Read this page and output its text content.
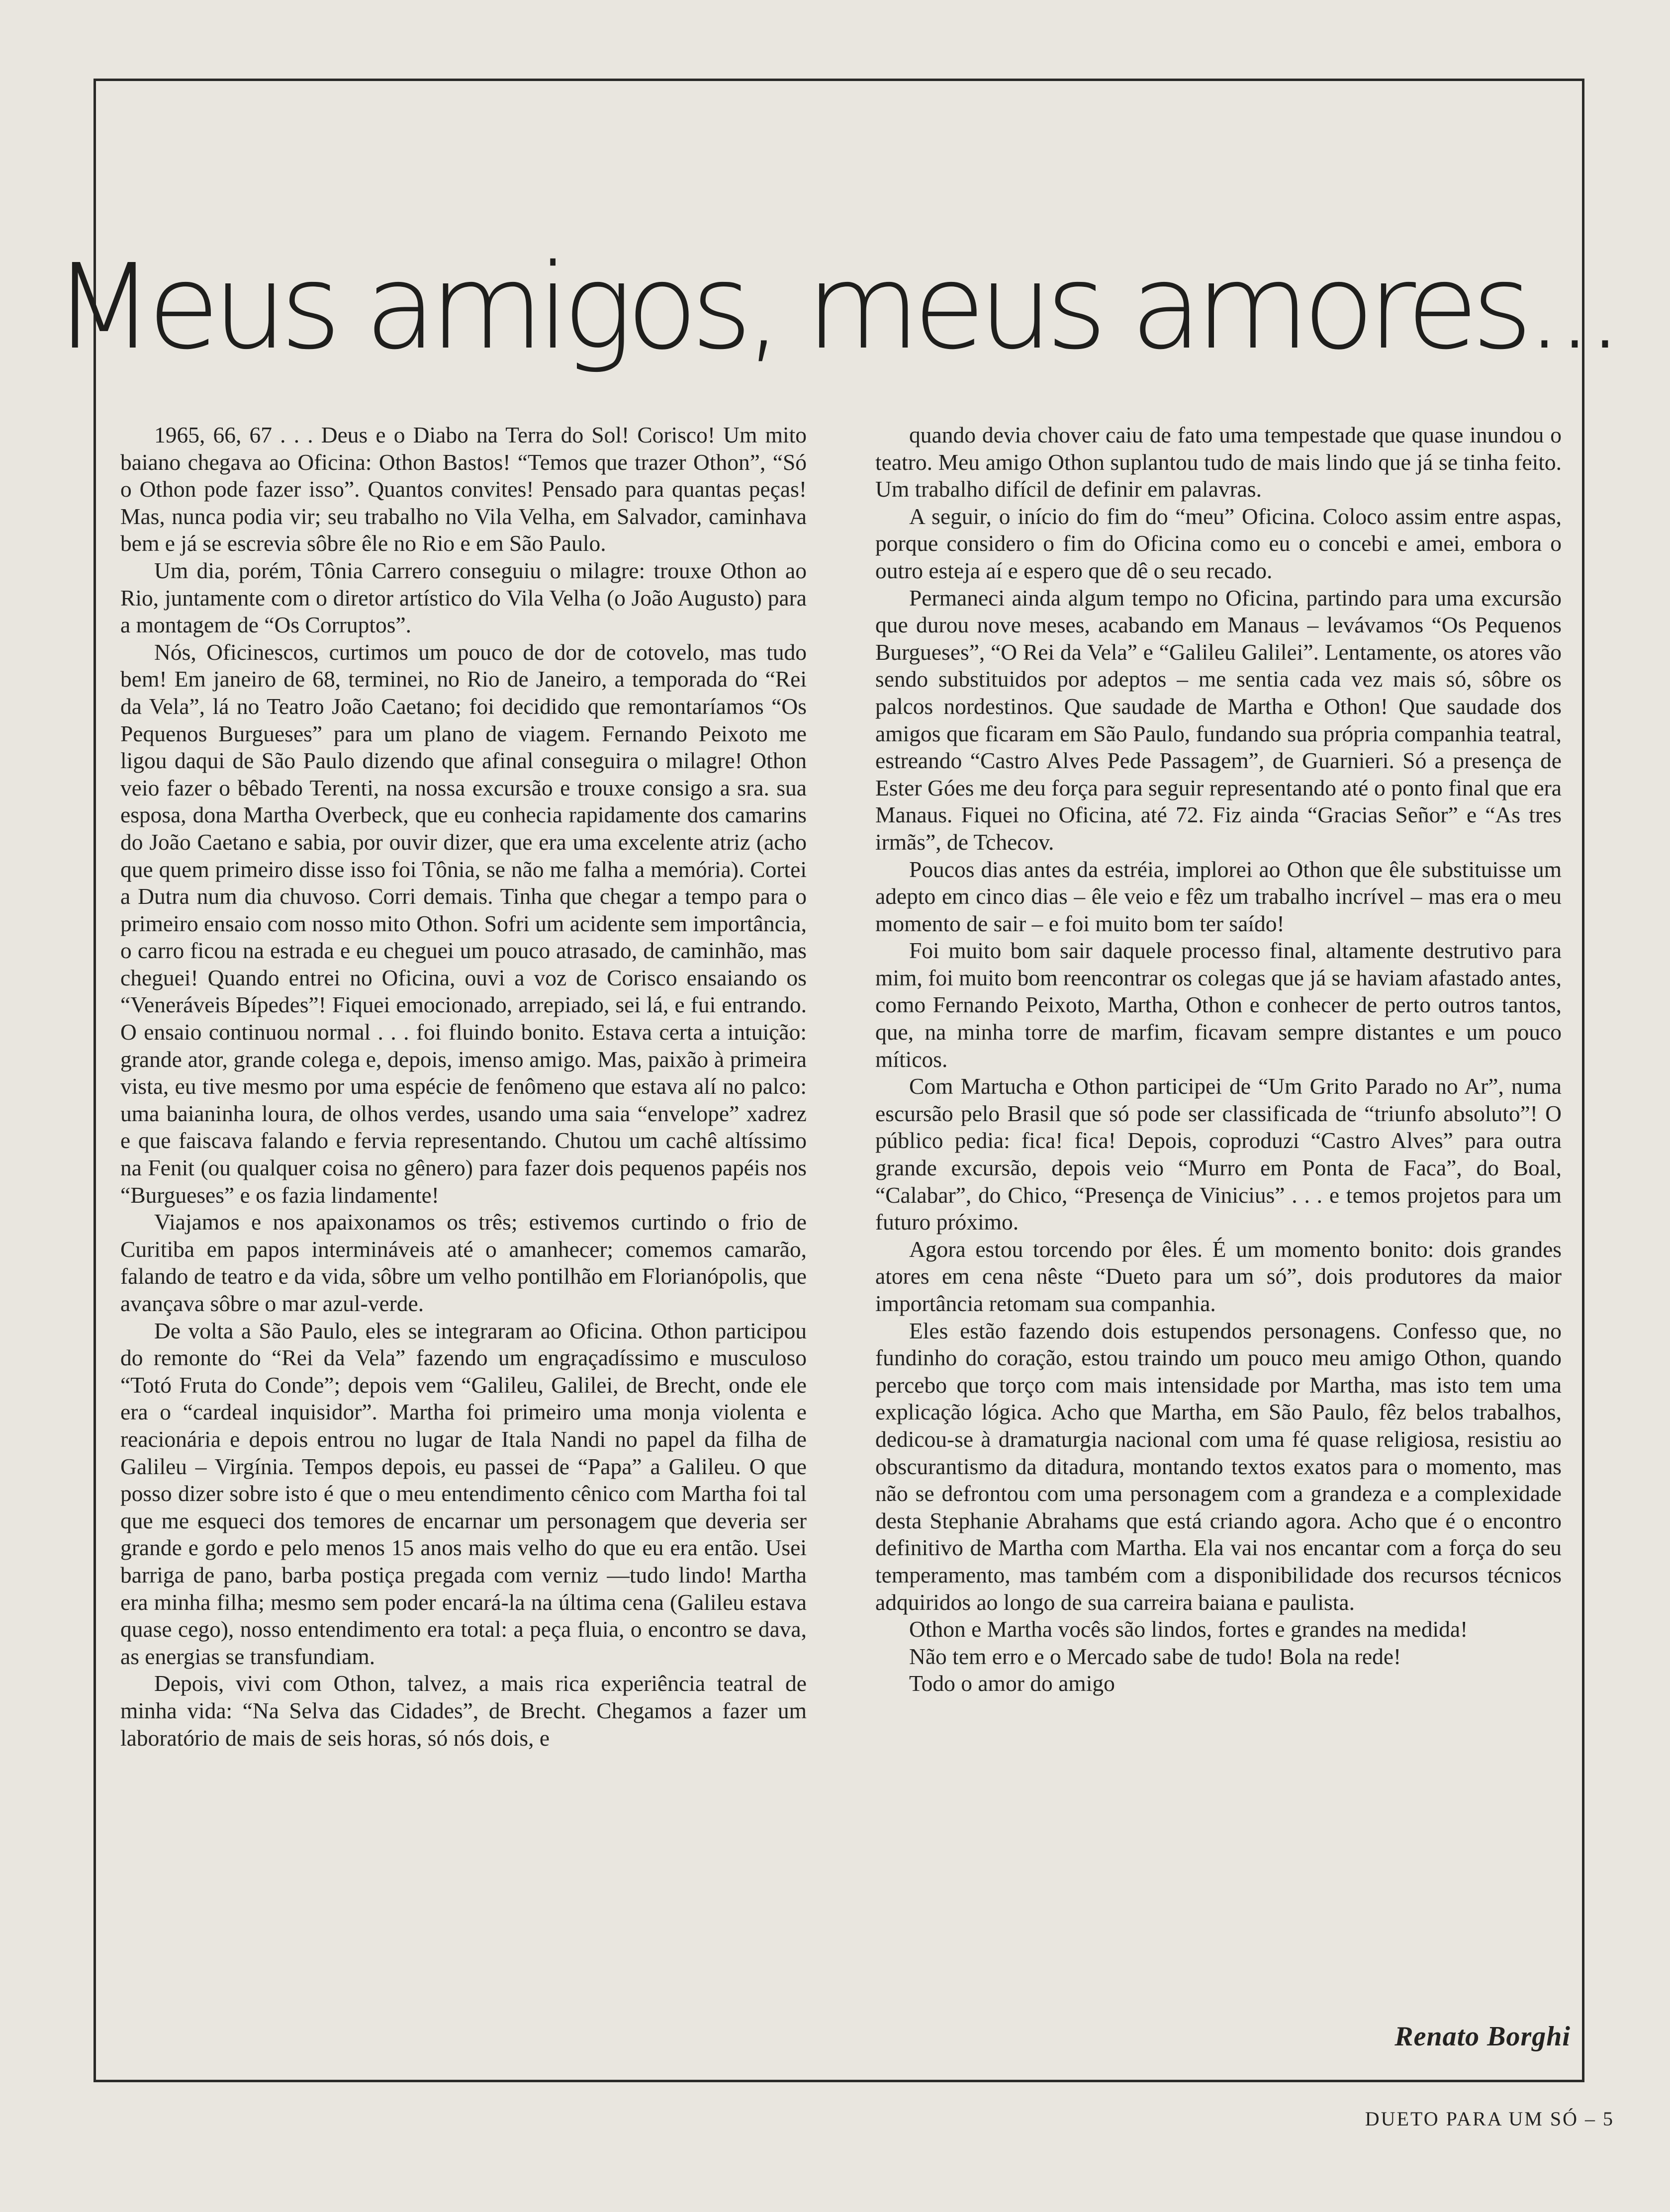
Meus amigos, meus amores...

1965, 66, 67 . . . Deus e o Diabo na Terra do Sol! Corisco! Um mito baiano chegava ao Oficina: Othon Bastos! “Temos que trazer Othon”, “Só o Othon pode fazer isso”. Quantos convites! Pensado para quantas peças! Mas, nunca podia vir; seu trabalho no Vila Velha, em Salvador, caminhava bem e já se escrevia sôbre êle no Rio e em São Paulo.

Um dia, porém, Tônia Carrero conseguiu o milagre: trouxe Othon ao Rio, juntamente com o diretor artístico do Vila Velha (o João Augusto) para a montagem de “Os Corruptos”.

Nós, Oficinescos, curtimos um pouco de dor de cotovelo, mas tudo bem! Em janeiro de 68, terminei, no Rio de Janeiro, a temporada do “Rei da Vela”, lá no Teatro João Caetano; foi decidido que remontaríamos “Os Pequenos Burgueses” para um plano de viagem. Fernando Peixoto me ligou daqui de São Paulo dizendo que afinal conseguira o milagre! Othon veio fazer o bêbado Terenti, na nossa excursão e trouxe consigo a sra. sua esposa, dona Martha Overbeck, que eu conhecia rapidamente dos camarins do João Caetano e sabia, por ouvir dizer, que era uma excelente atriz (acho que quem primeiro disse isso foi Tônia, se não me falha a memória). Cortei a Dutra num dia chuvoso. Corri demais. Tinha que chegar a tempo para o primeiro ensaio com nosso mito Othon. Sofri um acidente sem importância, o carro ficou na estrada e eu cheguei um pouco atrasado, de caminhão, mas cheguei! Quando entrei no Oficina, ouvi a voz de Corisco ensaiando os “Veneráveis Bípedes”! Fiquei emocionado, arrepiado, sei lá, e fui entrando. O ensaio continuou normal . . . foi fluindo bonito. Estava certa a intuição: grande ator, grande colega e, depois, imenso amigo. Mas, paixão à primeira vista, eu tive mesmo por uma espécie de fenômeno que estava alí no palco: uma baianinha loura, de olhos verdes, usando uma saia “envelope” xadrez e que faiscava falando e fervia representando. Chutou um cachê altíssimo na Fenit (ou qualquer coisa no gênero) para fazer dois pequenos papéis nos “Burgueses” e os fazia lindamente!

Viajamos e nos apaixonamos os três; estivemos curtindo o frio de Curitiba em papos intermináveis até o amanhecer; comemos camarão, falando de teatro e da vida, sôbre um velho pontilhão em Florianópolis, que avançava sôbre o mar azul-verde.

De volta a São Paulo, eles se integraram ao Oficina. Othon participou do remonte do “Rei da Vela” fazendo um engraçadíssimo e musculoso “Totó Fruta do Conde”; depois vem “Galileu, Galilei, de Brecht, onde ele era o “cardeal inquisidor”. Martha foi primeiro uma monja violenta e reacionária e depois entrou no lugar de Itala Nandi no papel da filha de Galileu – Virgínia. Tempos depois, eu passei de “Papa” a Galileu. O que posso dizer sobre isto é que o meu entendimento cênico com Martha foi tal que me esqueci dos temores de encarnar um personagem que deveria ser grande e gordo e pelo menos 15 anos mais velho do que eu era então. Usei barriga de pano, barba postiça pregada com verniz —tudo lindo! Martha era minha filha; mesmo sem poder encará-la na última cena (Galileu estava quase cego), nosso entendimento era total: a peça fluia, o encontro se dava, as energias se transfundiam.

Depois, vivi com Othon, talvez, a mais rica experiência teatral de minha vida: “Na Selva das Cidades”, de Brecht. Chegamos a fazer um laboratório de mais de seis horas, só nós dois, e

quando devia chover caiu de fato uma tempestade que quase inundou o teatro. Meu amigo Othon suplantou tudo de mais lindo que já se tinha feito. Um trabalho difícil de definir em palavras.

A seguir, o início do fim do “meu” Oficina. Coloco assim entre aspas, porque considero o fim do Oficina como eu o concebi e amei, embora o outro esteja aí e espero que dê o seu recado.

Permaneci ainda algum tempo no Oficina, partindo para uma excursão que durou nove meses, acabando em Manaus – levávamos “Os Pequenos Burgueses”, “O Rei da Vela” e “Galileu Galilei”. Lentamente, os atores vão sendo substituidos por adeptos – me sentia cada vez mais só, sôbre os palcos nordestinos. Que saudade de Martha e Othon! Que saudade dos amigos que ficaram em São Paulo, fundando sua própria companhia teatral, estreando “Castro Alves Pede Passagem”, de Guarnieri. Só a presença de Ester Góes me deu força para seguir representando até o ponto final que era Manaus. Fiquei no Oficina, até 72. Fiz ainda “Gracias Señor” e “As tres irmãs”, de Tchecov.

Poucos dias antes da estréia, implorei ao Othon que êle substituisse um adepto em cinco dias – êle veio e fêz um trabalho incrível – mas era o meu momento de sair – e foi muito bom ter saído!

Foi muito bom sair daquele processo final, altamente destrutivo para mim, foi muito bom reencontrar os colegas que já se haviam afastado antes, como Fernando Peixoto, Martha, Othon e conhecer de perto outros tantos, que, na minha torre de marfim, ficavam sempre distantes e um pouco míticos.

Com Martucha e Othon participei de “Um Grito Parado no Ar”, numa escursão pelo Brasil que só pode ser classificada de “triunfo absoluto”! O público pedia: fica! fica! Depois, coproduzi “Castro Alves” para outra grande excursão, depois veio “Murro em Ponta de Faca”, do Boal, “Calabar”, do Chico, “Presença de Vinicius” . . . e temos projetos para um futuro próximo.

Agora estou torcendo por êles. É um momento bonito: dois grandes atores em cena nêste “Dueto para um só”, dois produtores da maior importância retomam sua companhia.

Eles estão fazendo dois estupendos personagens. Confesso que, no fundinho do coração, estou traindo um pouco meu amigo Othon, quando percebo que torço com mais intensidade por Martha, mas isto tem uma explicação lógica. Acho que Martha, em São Paulo, fêz belos trabalhos, dedicou-se à dramaturgia nacional com uma fé quase religiosa, resistiu ao obscurantismo da ditadura, montando textos exatos para o momento, mas não se defrontou com uma personagem com a grandeza e a complexidade desta Stephanie Abrahams que está criando agora. Acho que é o encontro definitivo de Martha com Martha. Ela vai nos encantar com a força do seu temperamento, mas também com a disponibilidade dos recursos técnicos adquiridos ao longo de sua carreira baiana e paulista.

Othon e Martha vocês são lindos, fortes e grandes na medida!

Não tem erro e o Mercado sabe de tudo! Bola na rede!

Todo o amor do amigo

Renato Borghi

DUETO PARA UM SÓ – 5
